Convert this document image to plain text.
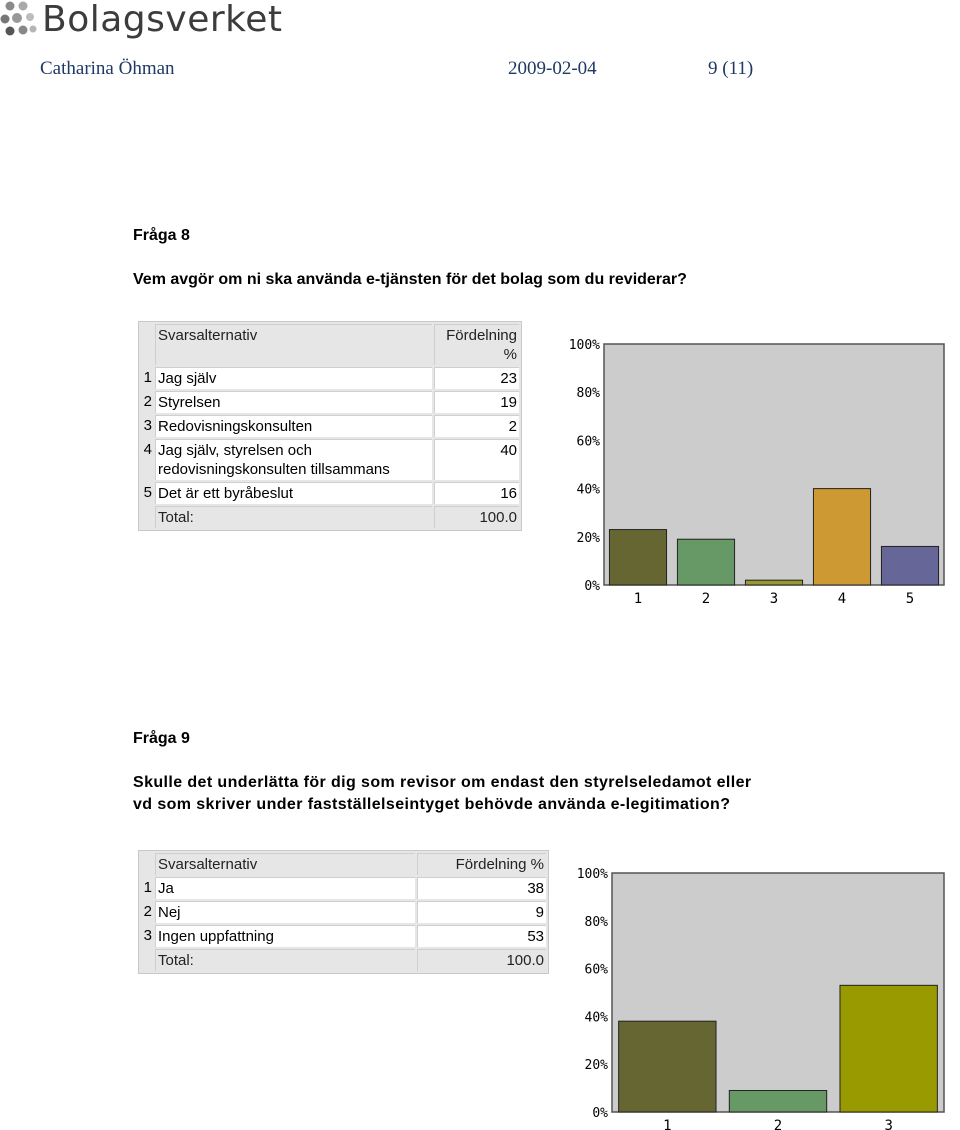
Bolagsverket
Catharina Öhman	2009-02-04	9 (11)
Fråga 8
Vem avgör om ni ska använda e-tjänsten för det bolag som du reviderar?
	Svarsalternativ	Fördelning
%
1	Jag själv	23
2	Styrelsen	19
3	Redovisningskonsulten	2
4	Jag själv, styrelsen och
redovisningskonsulten tillsammans	40
5	Det är ett byråbeslut	16
	Total:	100.0
0%
20%
40%
60%
80%
100%
1	2	3	4	5
Fråga 9
Skulle det underlätta för dig som revisor om endast den styrelseledamot eller
vd som skriver under fastställelseintyget behövde använda e-legitimation?
	Svarsalternativ	Fördelning %
1	Ja	38
2	Nej	9
3	Ingen uppfattning	53
	Total:	100.0
0%
20%
40%
60%
80%
100%
1	2	3
